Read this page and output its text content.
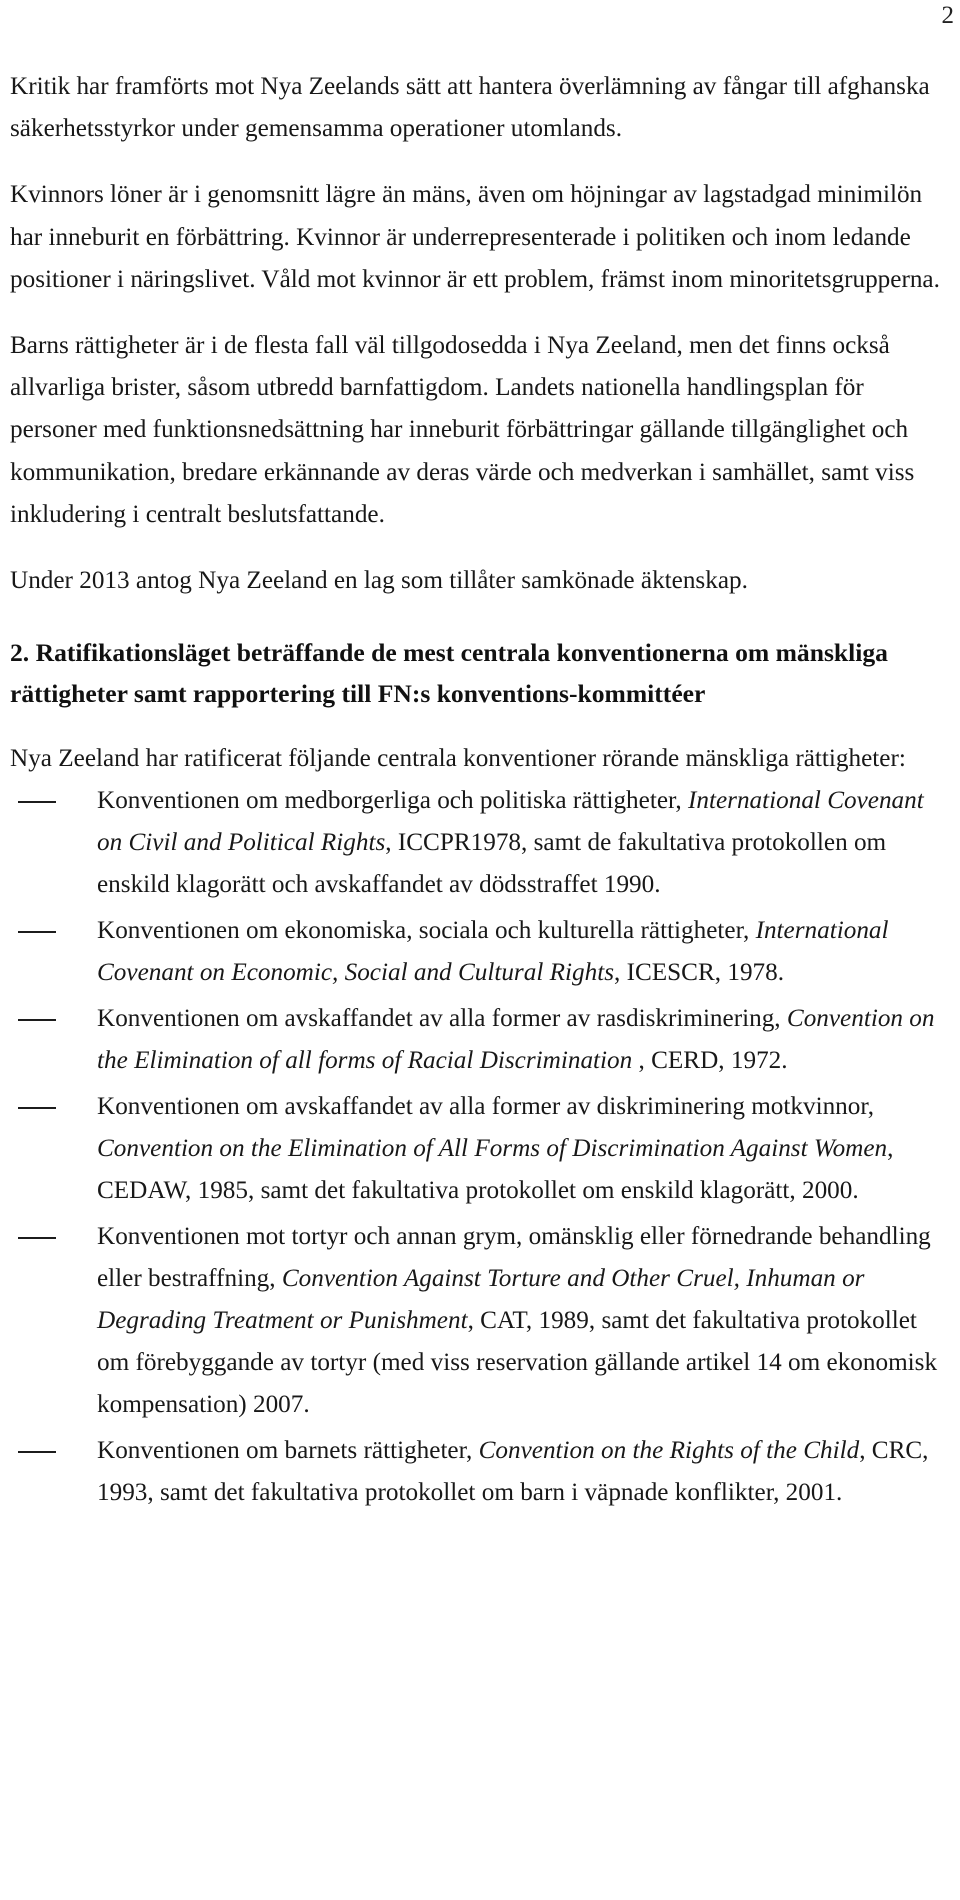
2

Kritik har framförts mot Nya Zeelands sätt att hantera överlämning av fångar till afghanska säkerhetsstyrkor under gemensamma operationer utomlands.

Kvinnors löner är i genomsnitt lägre än mäns, även om höjningar av lagstadgad minimilön har inneburit en förbättring. Kvinnor är underrepresenterade i politiken och inom ledande positioner i näringslivet. Våld mot kvinnor är ett problem, främst inom minoritetsgrupperna.

Barns rättigheter är i de flesta fall väl tillgodosedda i Nya Zeeland, men det finns också allvarliga brister, såsom utbredd barnfattigdom. Landets nationella handlingsplan för personer med funktionsnedsättning har inneburit förbättringar gällande tillgänglighet och kommunikation, bredare erkännande av deras värde och medverkan i samhället, samt viss inkludering i centralt beslutsfattande.

Under 2013 antog Nya Zeeland en lag som tillåter samkönade äktenskap.

2. Ratifikationsläget beträffande de mest centrala konventionerna om mänskliga rättigheter samt rapportering till FN:s konventions-kommittéer

Nya Zeeland har ratificerat följande centrala konventioner rörande mänskliga rättigheter:

Konventionen om medborgerliga och politiska rättigheter, International Covenant on Civil and Political Rights, ICCPR1978, samt de fakultativa protokollen om enskild klagorätt och avskaffandet av dödsstraffet 1990.
Konventionen om ekonomiska, sociala och kulturella rättigheter, International Covenant on Economic, Social and Cultural Rights, ICESCR, 1978.
Konventionen om avskaffandet av alla former av rasdiskriminering, Convention on the Elimination of all forms of Racial Discrimination , CERD, 1972.
Konventionen om avskaffandet av alla former av diskriminering motkvinnor, Convention on the Elimination of All Forms of Discrimination Against Women, CEDAW, 1985, samt det fakultativa protokollet om enskild klagorätt, 2000.
Konventionen mot tortyr och annan grym, omänsklig eller förnedrande behandling eller bestraffning, Convention Against Torture and Other Cruel, Inhuman or Degrading Treatment or Punishment, CAT, 1989, samt det fakultativa protokollet om förebyggande av tortyr (med viss reservation gällande artikel 14 om ekonomisk kompensation) 2007.
Konventionen om barnets rättigheter, Convention on the Rights of the Child, CRC, 1993, samt det fakultativa protokollet om barn i väpnade konflikter, 2001.
